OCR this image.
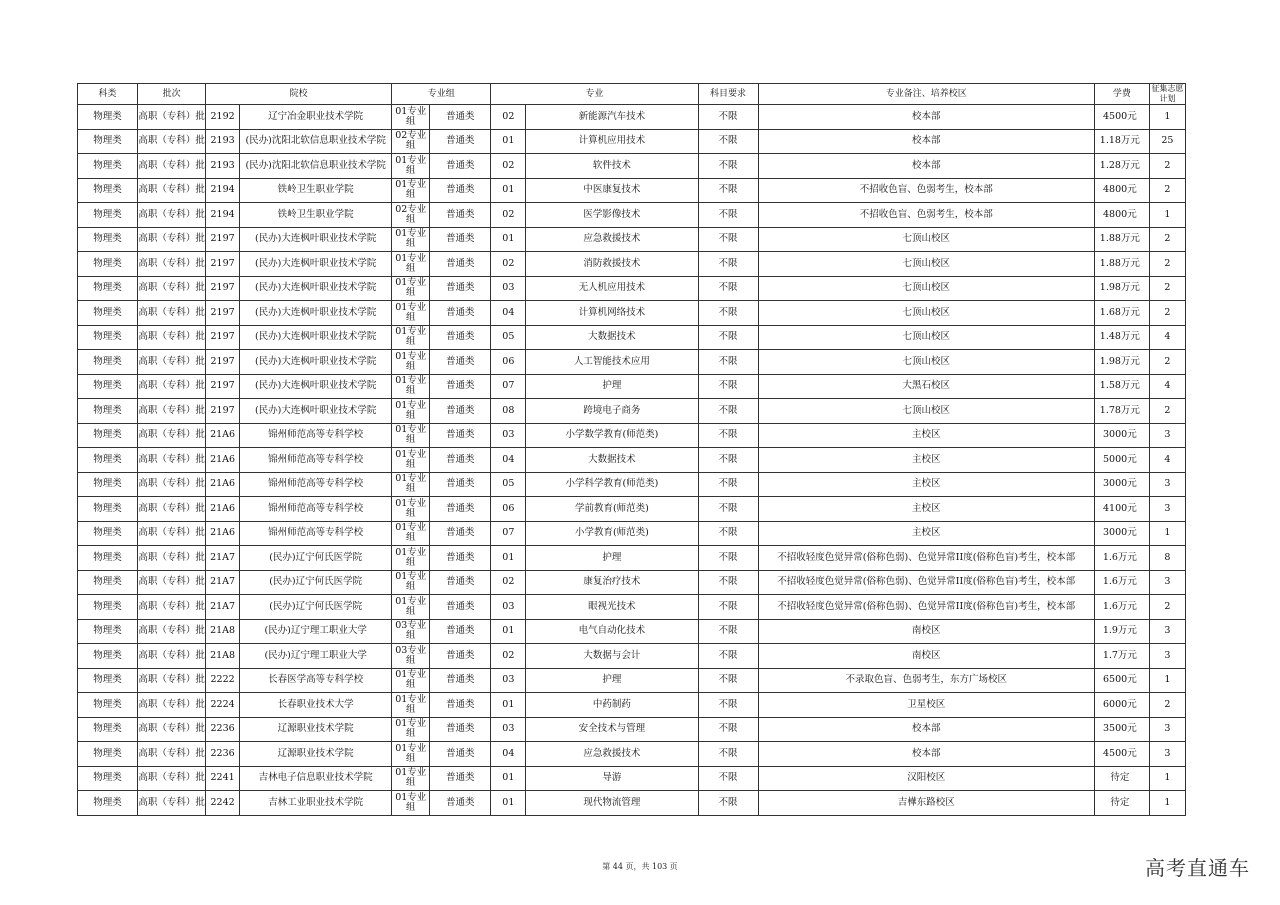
科类	批次	院校		专业组		专业		科目要求	专业备注、培养校区	学费	征集志愿计划
物理类	高职（专科）批	2192	辽宁冶金职业技术学院	01专业组	普通类	02	新能源汽车技术	不限	校本部	4500元	1
物理类	高职（专科）批	2193	(民办)沈阳北软信息职业技术学院	02专业组	普通类	01	计算机应用技术	不限	校本部	1.18万元	25
物理类	高职（专科）批	2193	(民办)沈阳北软信息职业技术学院	01专业组	普通类	02	软件技术	不限	校本部	1.28万元	2
物理类	高职（专科）批	2194	铁岭卫生职业学院	01专业组	普通类	01	中医康复技术	不限	不招收色盲、色弱考生，校本部	4800元	2
物理类	高职（专科）批	2194	铁岭卫生职业学院	02专业组	普通类	02	医学影像技术	不限	不招收色盲、色弱考生，校本部	4800元	1
物理类	高职（专科）批	2197	(民办)大连枫叶职业技术学院	01专业组	普通类	01	应急救援技术	不限	七顶山校区	1.88万元	2
物理类	高职（专科）批	2197	(民办)大连枫叶职业技术学院	01专业组	普通类	02	消防救援技术	不限	七顶山校区	1.88万元	2
物理类	高职（专科）批	2197	(民办)大连枫叶职业技术学院	01专业组	普通类	03	无人机应用技术	不限	七顶山校区	1.98万元	2
物理类	高职（专科）批	2197	(民办)大连枫叶职业技术学院	01专业组	普通类	04	计算机网络技术	不限	七顶山校区	1.68万元	2
物理类	高职（专科）批	2197	(民办)大连枫叶职业技术学院	01专业组	普通类	05	大数据技术	不限	七顶山校区	1.48万元	4
物理类	高职（专科）批	2197	(民办)大连枫叶职业技术学院	01专业组	普通类	06	人工智能技术应用	不限	七顶山校区	1.98万元	2
物理类	高职（专科）批	2197	(民办)大连枫叶职业技术学院	01专业组	普通类	07	护理	不限	大黑石校区	1.58万元	4
物理类	高职（专科）批	2197	(民办)大连枫叶职业技术学院	01专业组	普通类	08	跨境电子商务	不限	七顶山校区	1.78万元	2
物理类	高职（专科）批	21A6	锦州师范高等专科学校	01专业组	普通类	03	小学数学教育(师范类)	不限	主校区	3000元	3
物理类	高职（专科）批	21A6	锦州师范高等专科学校	01专业组	普通类	04	大数据技术	不限	主校区	5000元	4
物理类	高职（专科）批	21A6	锦州师范高等专科学校	01专业组	普通类	05	小学科学教育(师范类)	不限	主校区	3000元	3
物理类	高职（专科）批	21A6	锦州师范高等专科学校	01专业组	普通类	06	学前教育(师范类)	不限	主校区	4100元	3
物理类	高职（专科）批	21A6	锦州师范高等专科学校	01专业组	普通类	07	小学教育(师范类)	不限	主校区	3000元	1
物理类	高职（专科）批	21A7	(民办)辽宁何氏医学院	01专业组	普通类	01	护理	不限	不招收轻度色觉异常(俗称色弱)、色觉异常II度(俗称色盲)考生，校本部	1.6万元	8
物理类	高职（专科）批	21A7	(民办)辽宁何氏医学院	01专业组	普通类	02	康复治疗技术	不限	不招收轻度色觉异常(俗称色弱)、色觉异常II度(俗称色盲)考生，校本部	1.6万元	3
物理类	高职（专科）批	21A7	(民办)辽宁何氏医学院	01专业组	普通类	03	眼视光技术	不限	不招收轻度色觉异常(俗称色弱)、色觉异常II度(俗称色盲)考生，校本部	1.6万元	2
物理类	高职（专科）批	21A8	(民办)辽宁理工职业大学	03专业组	普通类	01	电气自动化技术	不限	南校区	1.9万元	3
物理类	高职（专科）批	21A8	(民办)辽宁理工职业大学	03专业组	普通类	02	大数据与会计	不限	南校区	1.7万元	3
物理类	高职（专科）批	2222	长春医学高等专科学校	01专业组	普通类	03	护理	不限	不录取色盲、色弱考生，东方广场校区	6500元	1
物理类	高职（专科）批	2224	长春职业技术大学	01专业组	普通类	01	中药制药	不限	卫星校区	6000元	2
物理类	高职（专科）批	2236	辽源职业技术学院	01专业组	普通类	03	安全技术与管理	不限	校本部	3500元	3
物理类	高职（专科）批	2236	辽源职业技术学院	01专业组	普通类	04	应急救援技术	不限	校本部	4500元	3
物理类	高职（专科）批	2241	吉林电子信息职业技术学院	01专业组	普通类	01	导游	不限	汉阳校区	待定	1
物理类	高职（专科）批	2242	吉林工业职业技术学院	01专业组	普通类	01	现代物流管理	不限	吉樺东路校区	待定	1
第 44 页，共 103 页	高考直通车
